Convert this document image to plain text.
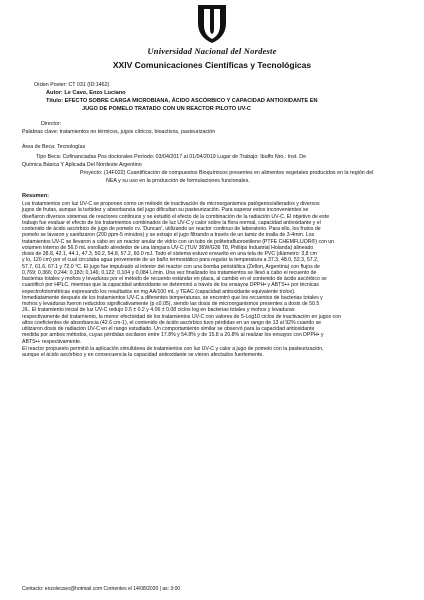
Universidad Nacional del Nordeste
XXIV Comunicaciones Científicas y Tecnológicas
Orden Poster: CT 031 (ID:1462)
Autor: Le Cavo, Enzo Luciano
Título: EFECTO SOBRE CARGA MICROBIANA, ÁCIDO ASCÓRBICO Y CAPACIDAD ANTIOXIDANTE EN
JUGO DE POMELO TRATADO CON UN REACTOR PILOTO UV-C
Director:
Palabras clave: tratamientos no térmicos, jugos cítricos, bioactivos, pasteurización
Área de Beca: Tecnologías
Tipo Beca: Cofinanciadas Pos doctorales Período: 03/04/2017 al 01/04/2019 Lugar de Trabajo: Ibuffo Nro.: Inst. De
Química Básica Y Aplicada Del Nordeste Argentino
Proyecto: (14F022) Cuantificación de compuestos Bioquímicos presentes en alimentos vegetales producidos en la región del
NEA y su uso en la producción de formulaciones funcionales.
Resumen:
Los tratamientos con luz UV-C se proponen como un método de inactivación de microorganismos patógenos/alterados y diversos
jugos de frutas, aunque la turbidez y absorbancia del jugo dificultan su pasteurización. Para superar estos inconvenientes se
diseñaron diversos sistemas de reactores continuos y se estudió el efecto de la combinación de la radiación UV-C. El objetivo de este
trabajo fue evaluar el efecto de los tratamientos combinados de luz UV-C y calor sobre la flora normal, capacidad antioxidante y el
contenido de ácido ascórbico de jugo de pomelo cv. 'Duncan', utilizando un reactor continuo de laboratorio. Para ello, los frutos de
pomelo se lavaron y sanitizaron (200 ppm-5 minutos) y se extrajo el jugo filtrando a través de un tamiz de malla de 3-4mm. Los
tratamientos UV-C se llevaron a cabo en un reactor anular de vidrio con un tubo de politetrafluoroetileno (PTFE CHEMFLUOR®) con un
volumen interno de 56.0 mL enrollado alrededor de una lámpara UV-C (TUV 36W/G36 T8, Phillips Industrial Holanda) alineado
dosis de 38.8, 42.1, 44.1, 47.3, 50.2, 54.8, 57.2, 60.0 mJ. Todo el sistema estuvo envuelto en una tela de PVC (diámetro: 3,8 cm
y lo, 120 cm) por el cual circulaba agua proveniente de un baño termostático para regular la temperatura a 37.3, 48.0, 52.3, 57.2,
57.7, 61.6, 67.1 y 72.0 °C. El jugo fue impulsado al interior del reactor con una bomba peristáltica (Zellon, Argentina) con flujos de
0,769; 0,366; 0,244; 0,183; 0,146; 0,122; 0,104 y 0,084 L/min. Una vez finalizado los tratamientos se llevó a cabo el recuento de
bacterias totales y mohos y levaduras por el método de recuento estándar en placa, al cambio en el contenido de ácido ascórbico se
cuantificó por HPLC, mientras que la capacidad antioxidante se determinó a través de los ensayos DPPH• y ABTS•+ por técnicas
espectrofotométricas expresando los resultados en mg AA/100 mL y TEAC (capacidad antioxidante equivalente trolox).
Inmediatamente después de los tratamientos UV-C a diferentes temperaturas, se encontró que los recuentos de bacterias totales y
mohos y levaduras fueron reducidos significativamente (p ≤0.05), siendo las dosis de microorganismos presentes a dosis de 50.5
J/L. El tratamiento inicial de luz UV-C redujo 0.5 ± 0.2 y 4.06 ± 0.08 ciclos log en bacterias totales y mohos y levaduras
respectivamente del tratamiento, la menor efectividad de los tratamientos UV-C con valores de 5-Log10 ciclos de inactivación en jugos con
altos coeficientes de absorbancia (42.6 cm-1), el contenido de ácido ascórbico tuvo pérdidas en un rango de 13 al 92% cuando se
utilizaron dosis de radiación UV-C en el rango estudiado. Un comportamiento similar se observó para la capacidad antioxidante
medida por ambos métodos, cuyas pérdidas oscilaron entre 17.8% y 54.8% y de 15.8 a 20.8% al realizar los ensayos con DPPH• y
ABTS•+ respectivamente.
El reactor propuesto permitió la aplicación simultánea de tratamientos con luz UV-C y calor a jugo de pomelo con la pasteurización,
aunque el ácido ascórbico y en consecuencia la capacidad antioxidante se vieron afectados fuertemente.
Contacto: enzolecavo@hotmail.com Corrientes el 14/08/2020 | as: 3:00
